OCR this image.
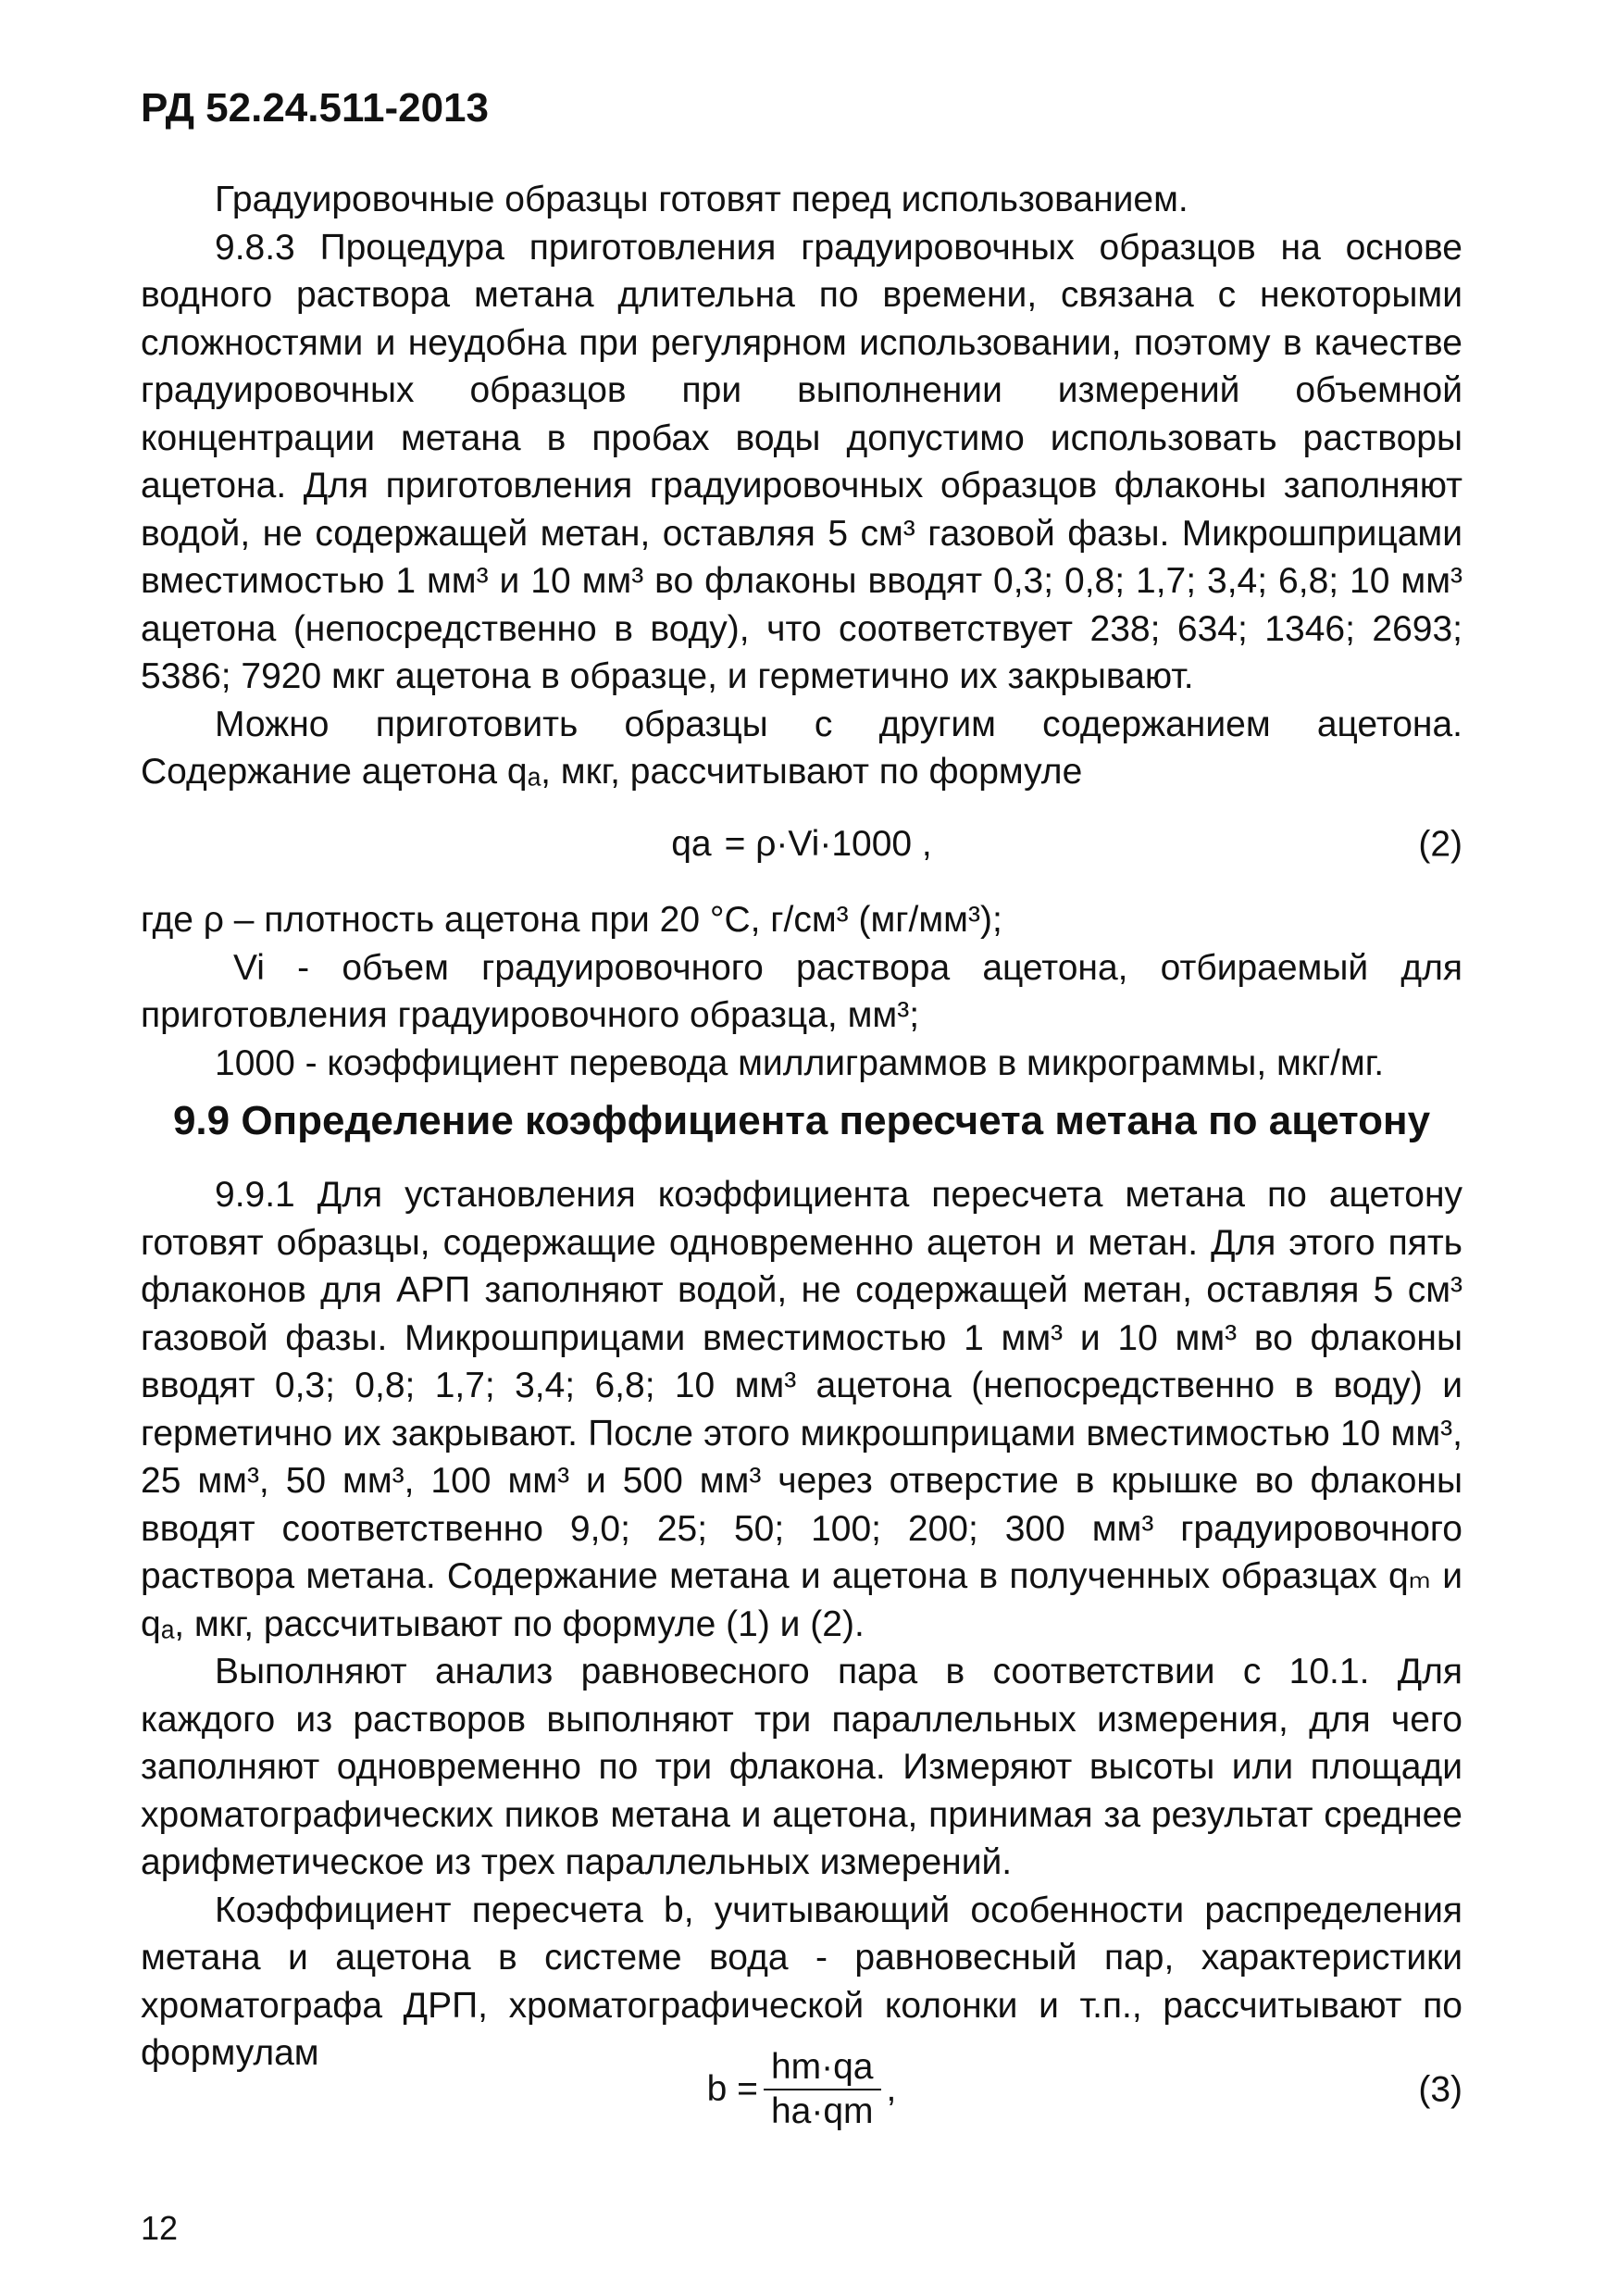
РД 52.24.511-2013

Градуировочные образцы готовят перед использованием.

9.8.3 Процедура приготовления градуировочных образцов на основе водного раствора метана длительна по времени, связана с некоторыми сложностями и неудобна при регулярном использовании, поэтому в качестве градуировочных образцов при выполнении измерений объемной концентрации метана в пробах воды допустимо использовать растворы ацетона. Для приготовления градуировочных образцов флаконы заполняют водой, не содержащей метан, оставляя 5 см³ газовой фазы. Микрошприцами вместимостью 1 мм³ и 10 мм³ во флаконы вводят 0,3; 0,8; 1,7; 3,4; 6,8; 10 мм³ ацетона (непосредственно в воду), что соответствует 238; 634; 1346; 2693; 5386; 7920 мкг ацетона в образце, и герметично их закрывают.

Можно приготовить образцы с другим содержанием ацетона. Содержание ацетона qₐ, мкг, рассчитывают по формуле

qa = ρ·Vi·1000 ,	(2)

где ρ – плотность ацетона при 20 °С, г/см³ (мг/мм³);

Vi - объем градуировочного раствора ацетона, отбираемый для приготовления градуировочного образца, мм³;

1000 - коэффициент перевода миллиграммов в микрограммы, мкг/мг.

9.9 Определение коэффициента пересчета метана по ацетону

9.9.1 Для установления коэффициента пересчета метана по ацетону готовят образцы, содержащие одновременно ацетон и метан. Для этого пять флаконов для АРП заполняют водой, не содержащей метан, оставляя 5 см³ газовой фазы. Микрошприцами вместимостью 1 мм³ и 10 мм³ во флаконы вводят 0,3; 0,8; 1,7; 3,4; 6,8; 10 мм³ ацетона (непосредственно в воду) и герметично их закрывают. После этого микрошприцами вместимостью 10 мм³, 25 мм³, 50 мм³, 100 мм³ и 500 мм³ через отверстие в крышке во флаконы вводят соответственно 9,0; 25; 50; 100; 200; 300 мм³ градуировочного раствора метана. Содержание метана и ацетона в полученных образцах qₘ и qₐ, мкг, рассчитывают по формуле (1) и (2).

Выполняют анализ равновесного пара в соответствии с 10.1. Для каждого из растворов выполняют три параллельных измерения, для чего заполняют одновременно по три флакона. Измеряют высоты или площади хроматографических пиков метана и ацетона, принимая за результат среднее арифметическое из трех параллельных измерений.

Коэффициент пересчета b, учитывающий особенности распределения метана и ацетона в системе вода - равновесный пар, характеристики хроматографа ДРП, хроматографической колонки и т.п., рассчитывают по формулам

$b = \frac{hm\cdot qa}{ha\cdot qm}$ ,	(3)
12
